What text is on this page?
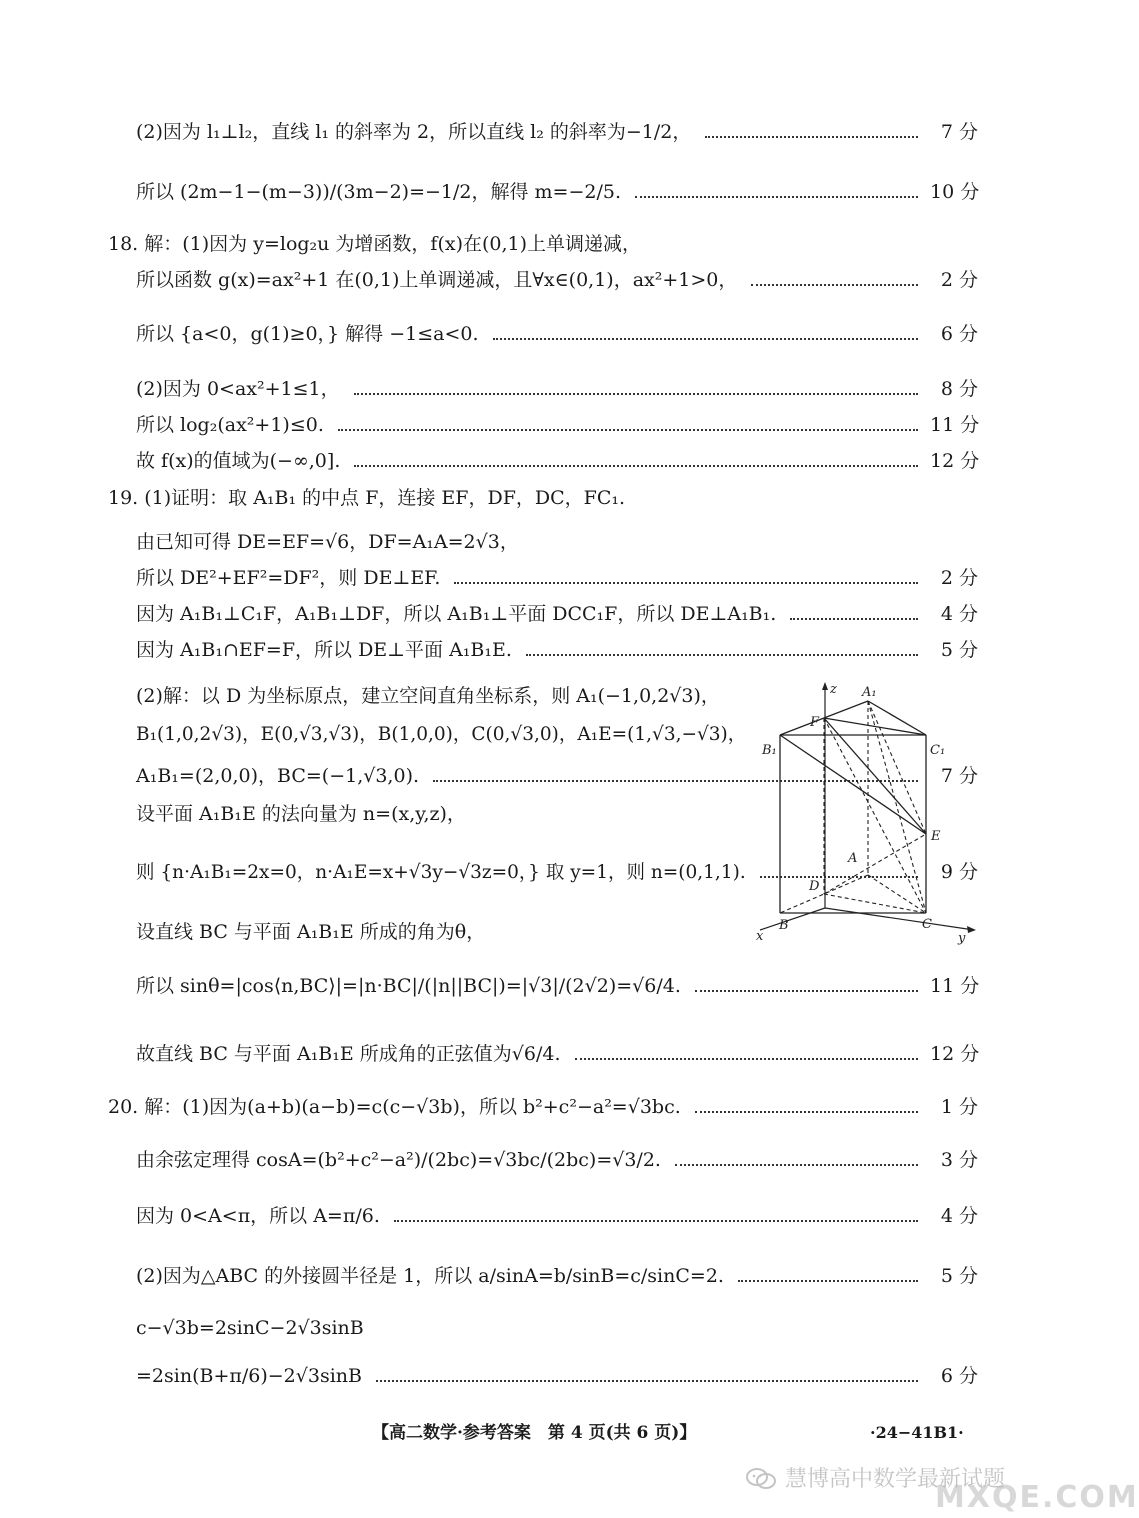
(2)因为 l₁⊥l₂，直线 l₁ 的斜率为 2，所以直线 l₂ 的斜率为−1/2，	7 分
所以 (2m−1−(m−3))/(3m−2)=−1/2，解得 m=−2/5.	10 分
18. 解：(1)因为 y=log₂u 为增函数，f(x)在(0,1)上单调递减，
所以函数 g(x)=ax²+1 在(0,1)上单调递减，且∀x∈(0,1)，ax²+1>0，	2 分
所以 {a<0，g(1)≥0，} 解得 −1≤a<0.	6 分
(2)因为 0<ax²+1≤1，	8 分
所以 log₂(ax²+1)≤0.	11 分
故 f(x)的值域为(−∞,0].	12 分
19. (1)证明：取 A₁B₁ 的中点 F，连接 EF，DF，DC，FC₁.
由已知可得 DE=EF=√6，DF=A₁A=2√3，
所以 DE²+EF²=DF²，则 DE⊥EF.	2 分
因为 A₁B₁⊥C₁F，A₁B₁⊥DF，所以 A₁B₁⊥平面 DCC₁F，所以 DE⊥A₁B₁.	4 分
因为 A₁B₁∩EF=F，所以 DE⊥平面 A₁B₁E.	5 分
(2)解：以 D 为坐标原点，建立空间直角坐标系，则 A₁(−1,0,2√3)，
B₁(1,0,2√3)，E(0,√3,√3)，B(1,0,0)，C(0,√3,0)，A₁E=(1,√3,−√3)，
A₁B₁=(2,0,0)，BC=(−1,√3,0).	7 分
设平面 A₁B₁E 的法向量为 n=(x,y,z)，
则 {n·A₁B₁=2x=0，n·A₁E=x+√3y−√3z=0，} 取 y=1，则 n=(0,1,1).	9 分
设直线 BC 与平面 A₁B₁E 所成的角为θ，
所以 sinθ=|cos⟨n,BC⟩|=|n·BC|/(|n||BC|)=|√3|/(2√2)=√6/4.	11 分
故直线 BC 与平面 A₁B₁E 所成角的正弦值为√6/4.	12 分
20. 解：(1)因为(a+b)(a−b)=c(c−√3b)，所以 b²+c²−a²=√3bc.	1 分
由余弦定理得 cosA=(b²+c²−a²)/(2bc)=√3bc/(2bc)=√3/2.	3 分
因为 0<A<π，所以 A=π/6.	4 分
(2)因为△ABC 的外接圆半径是 1，所以 a/sinA=b/sinB=c/sinC=2.	5 分
c−√3b=2sinC−2√3sinB
=2sin(B+π/6)−2√3sinB	6 分
z A₁
F
B₁	C₁
E
A
D
B	C
x	y
【高二数学·参考答案　第 4 页(共 6 页)】	·24−41B1·
慧博高中数学最新试题
MXQE.COM
